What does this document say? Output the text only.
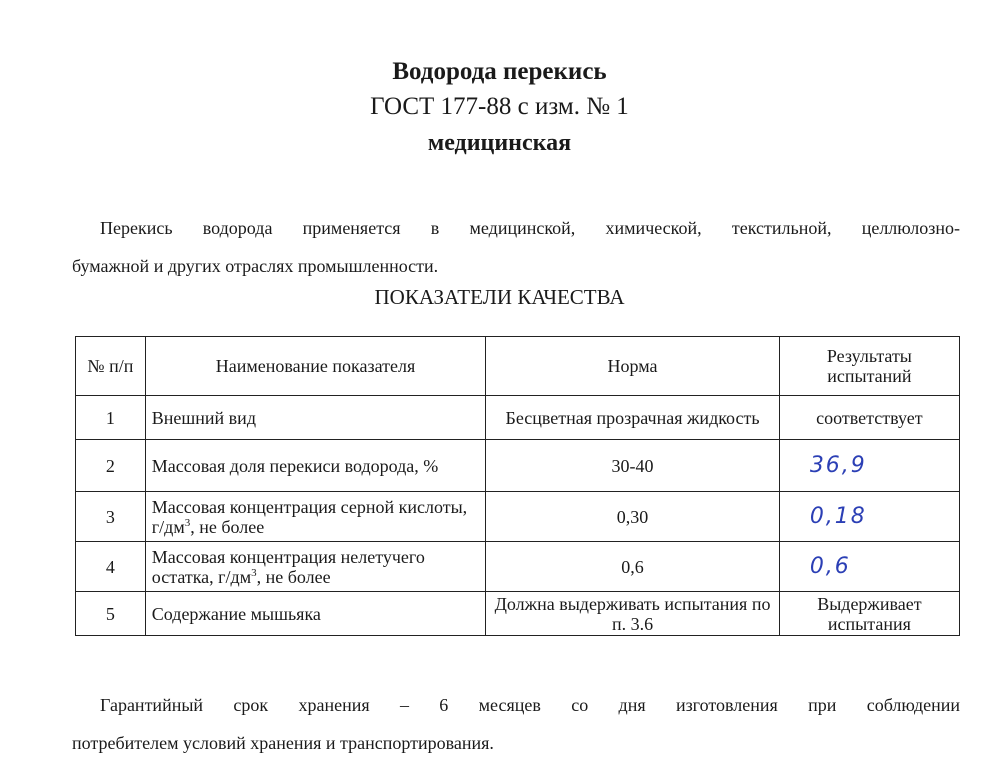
Водорода перекись
ГОСТ 177-88 с изм. № 1
медицинская
Перекись водорода применяется в медицинской, химической, текстильной, целлюлозно-
бумажной и других отраслях промышленности.
ПОКАЗАТЕЛИ КАЧЕСТВА
№ п/п	Наименование показателя	Норма	Результаты испытаний
1	Внешний вид	Бесцветная прозрачная жидкость	соответствует
2	Массовая доля перекиси водорода, %	30-40	36,9
3	Массовая концентрация серной кислоты, $г/дм^3$, не более	0,30	0,18
4	Массовая концентрация нелетучего остатка, $г/дм^3$, не более	0,6	0,6
5	Содержание мышьяка	Должна выдерживать испытания по п. 3.6	Выдерживает испытания
Гарантийный срок хранения – 6 месяцев со дня изготовления при соблюдении
потребителем условий хранения и транспортирования.
